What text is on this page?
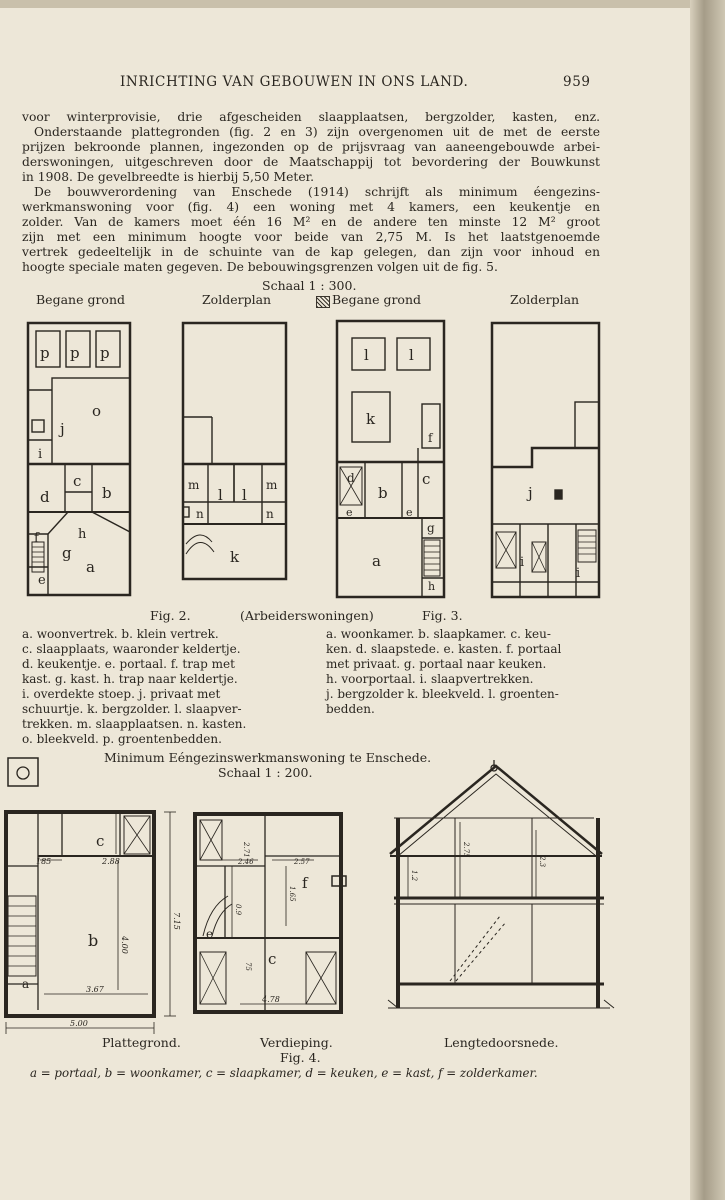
INRICHTING VAN GEBOUWEN IN ONS LAND.	959
voor winterprovisie, drie afgescheiden slaapplaatsen, bergzolder, kasten, enz.
Onderstaande plattegronden (fig. 2 en 3) zijn overgenomen uit de met de eerste
prijzen bekroonde plannen, ingezonden op de prijsvraag van aaneengebouwde arbei-
derswoningen, uitgeschreven door de Maatschappij tot bevordering der Bouwkunst
in 1908. De gevelbreedte is hierbij 5,50 Meter.
De bouwverordening van Enschede (1914) schrijft als minimum éengezins-
werkmanswoning voor (fig. 4) een woning met 4 kamers, een keukentje en
zolder. Van de kamers moet één 16 M² en de andere ten minste 12 M² groot
zijn met een minimum hoogte voor beide van 2,75 M. Is het laatstgenoemde
vertrek gedeeltelijk in de schuinte van de kap gelegen, dan zijn voor inhoud en
hoogte speciale maten gegeven. De bebouwingsgrenzen volgen uit de fig. 5.
Schaal 1 : 300.
Begane grond	Zolderplan	Begane grond	Zolderplan
p p p
o
j
i
c
d	b
h
f
g
a
e
m
l l
m
n	n
k
l	l
k
f
c
b
d
e	e
g
a
h
j
i
i
Fig. 2.	(Arbeiderswoningen)	Fig. 3.
a. woonvertrek. b. klein vertrek.
c. slaapplaats, waaronder keldertje.
d. keukentje. e. portaal. f. trap met
kast. g. kast. h. trap naar keldertje.
i. overdekte stoep. j. privaat met
schuurtje. k. bergzolder. l. slaapver-
trekken. m. slaapplaatsen. n. kasten.
o. bleekveld. p. groentenbedden.
a. woonkamer. b. slaapkamer. c. keu-
ken. d. slaapstede. e. kasten. f. portaal
met privaat. g. portaal naar keuken.
h. voorportaal. i. slaapvertrekken.
j. bergzolder k. bleekveld. l. groenten-
bedden.
Minimum Eéngezinswerkmanswoning te Enschede.
Schaal 1 : 200.
c
b
a
f
c
e
185	2.88
4.00
7.15
3.67
5.00
2.71
2.46	2.57
1.65
0.9
75
4.78
1.2
2.75
2.3
Plattegrond.	Verdieping.	Lengtedoorsnede.
Fig. 4.
a = portaal, b = woonkamer, c = slaapkamer, d = keuken, e = kast, f = zolderkamer.
